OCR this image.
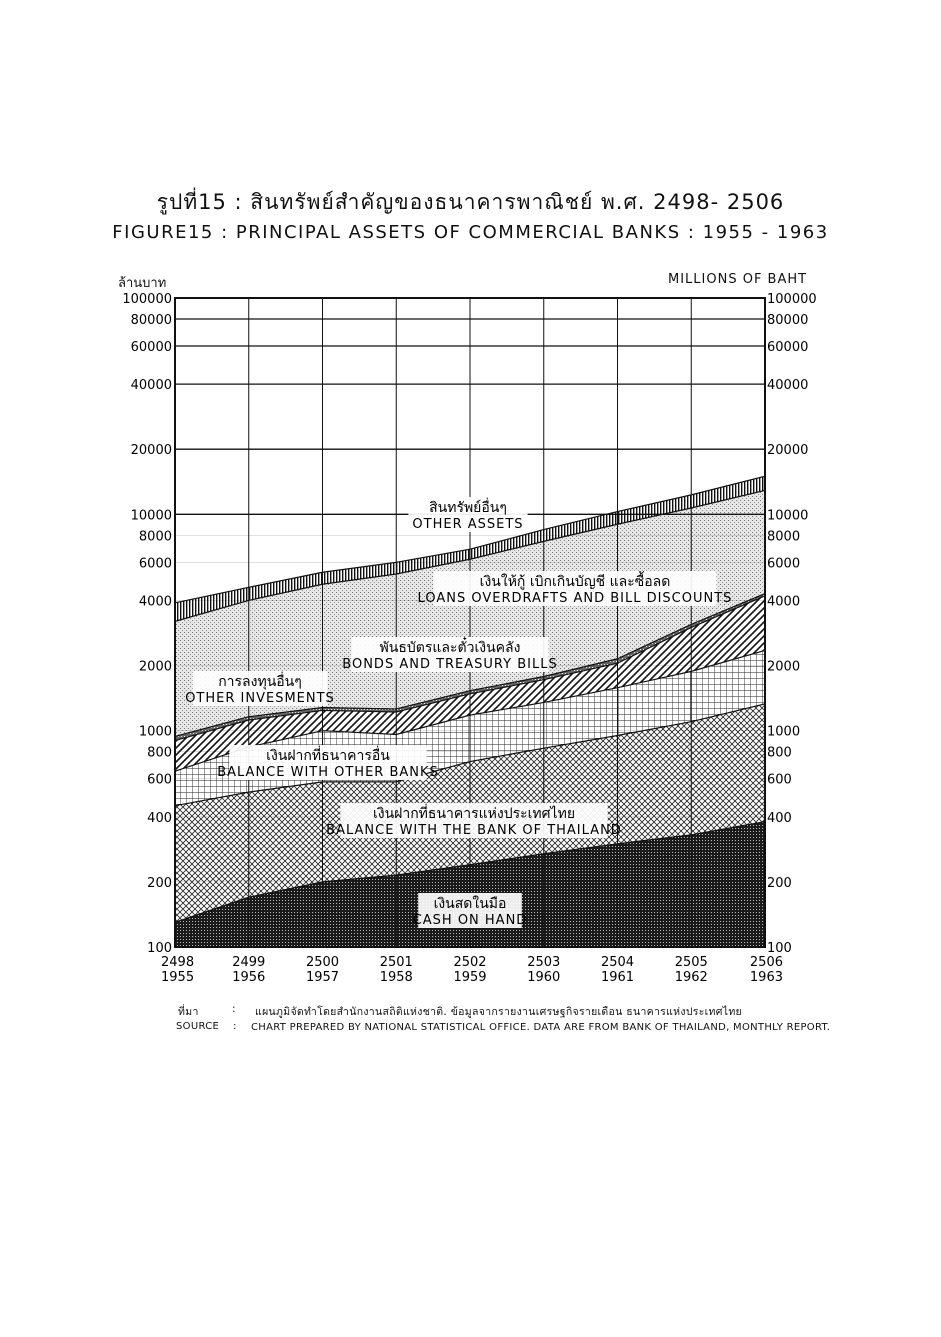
รูปที่15 : สินทรัพย์สำคัญของธนาคารพาณิชย์ พ.ศ. 2498- 2506
FIGURE15 : PRINCIPAL ASSETS OF COMMERCIAL BANKS : 1955 - 1963
ล้านบาท	MILLIONS OF BAHT
เงินสดในมือ
CASH ON HAND
เงินฝากที่ธนาคารแห่งประเทศไทย
BALANCE WITH THE BANK OF THAILAND
เงินฝากที่ธนาคารอื่น
BALANCE WITH OTHER BANKS
การลงทุนอื่นๆ
OTHER INVESMENTS
พันธบัตรและตั๋วเงินคลัง
BONDS AND TREASURY BILLS
เงินให้กู้ เบิกเกินบัญชี และซื้อลด
LOANS OVERDRAFTS AND BILL DISCOUNTS
สินทรัพย์อื่นๆ
OTHER ASSETS
100000
80000
60000
40000
20000
10000
8000
6000
4000
2000
1000
800
600
400
200
100
100000
80000
60000
40000
20000
10000
8000
6000
4000
2000
1000
800
600
400
200
100
2498
1955
2499
1956
2500
1957
2501
1958
2502
1959
2503
1960
2504
1961
2505
1962
2506
1963
ที่มา	: แผนภูมิจัดทำโดยสำนักงานสถิติแห่งชาติ. ข้อมูลจากรายงานเศรษฐกิจรายเดือน ธนาคารแห่งประเทศไทย
SOURCE : CHART PREPARED BY NATIONAL STATISTICAL OFFICE. DATA ARE FROM BANK OF THAILAND, MONTHLY REPORT.
